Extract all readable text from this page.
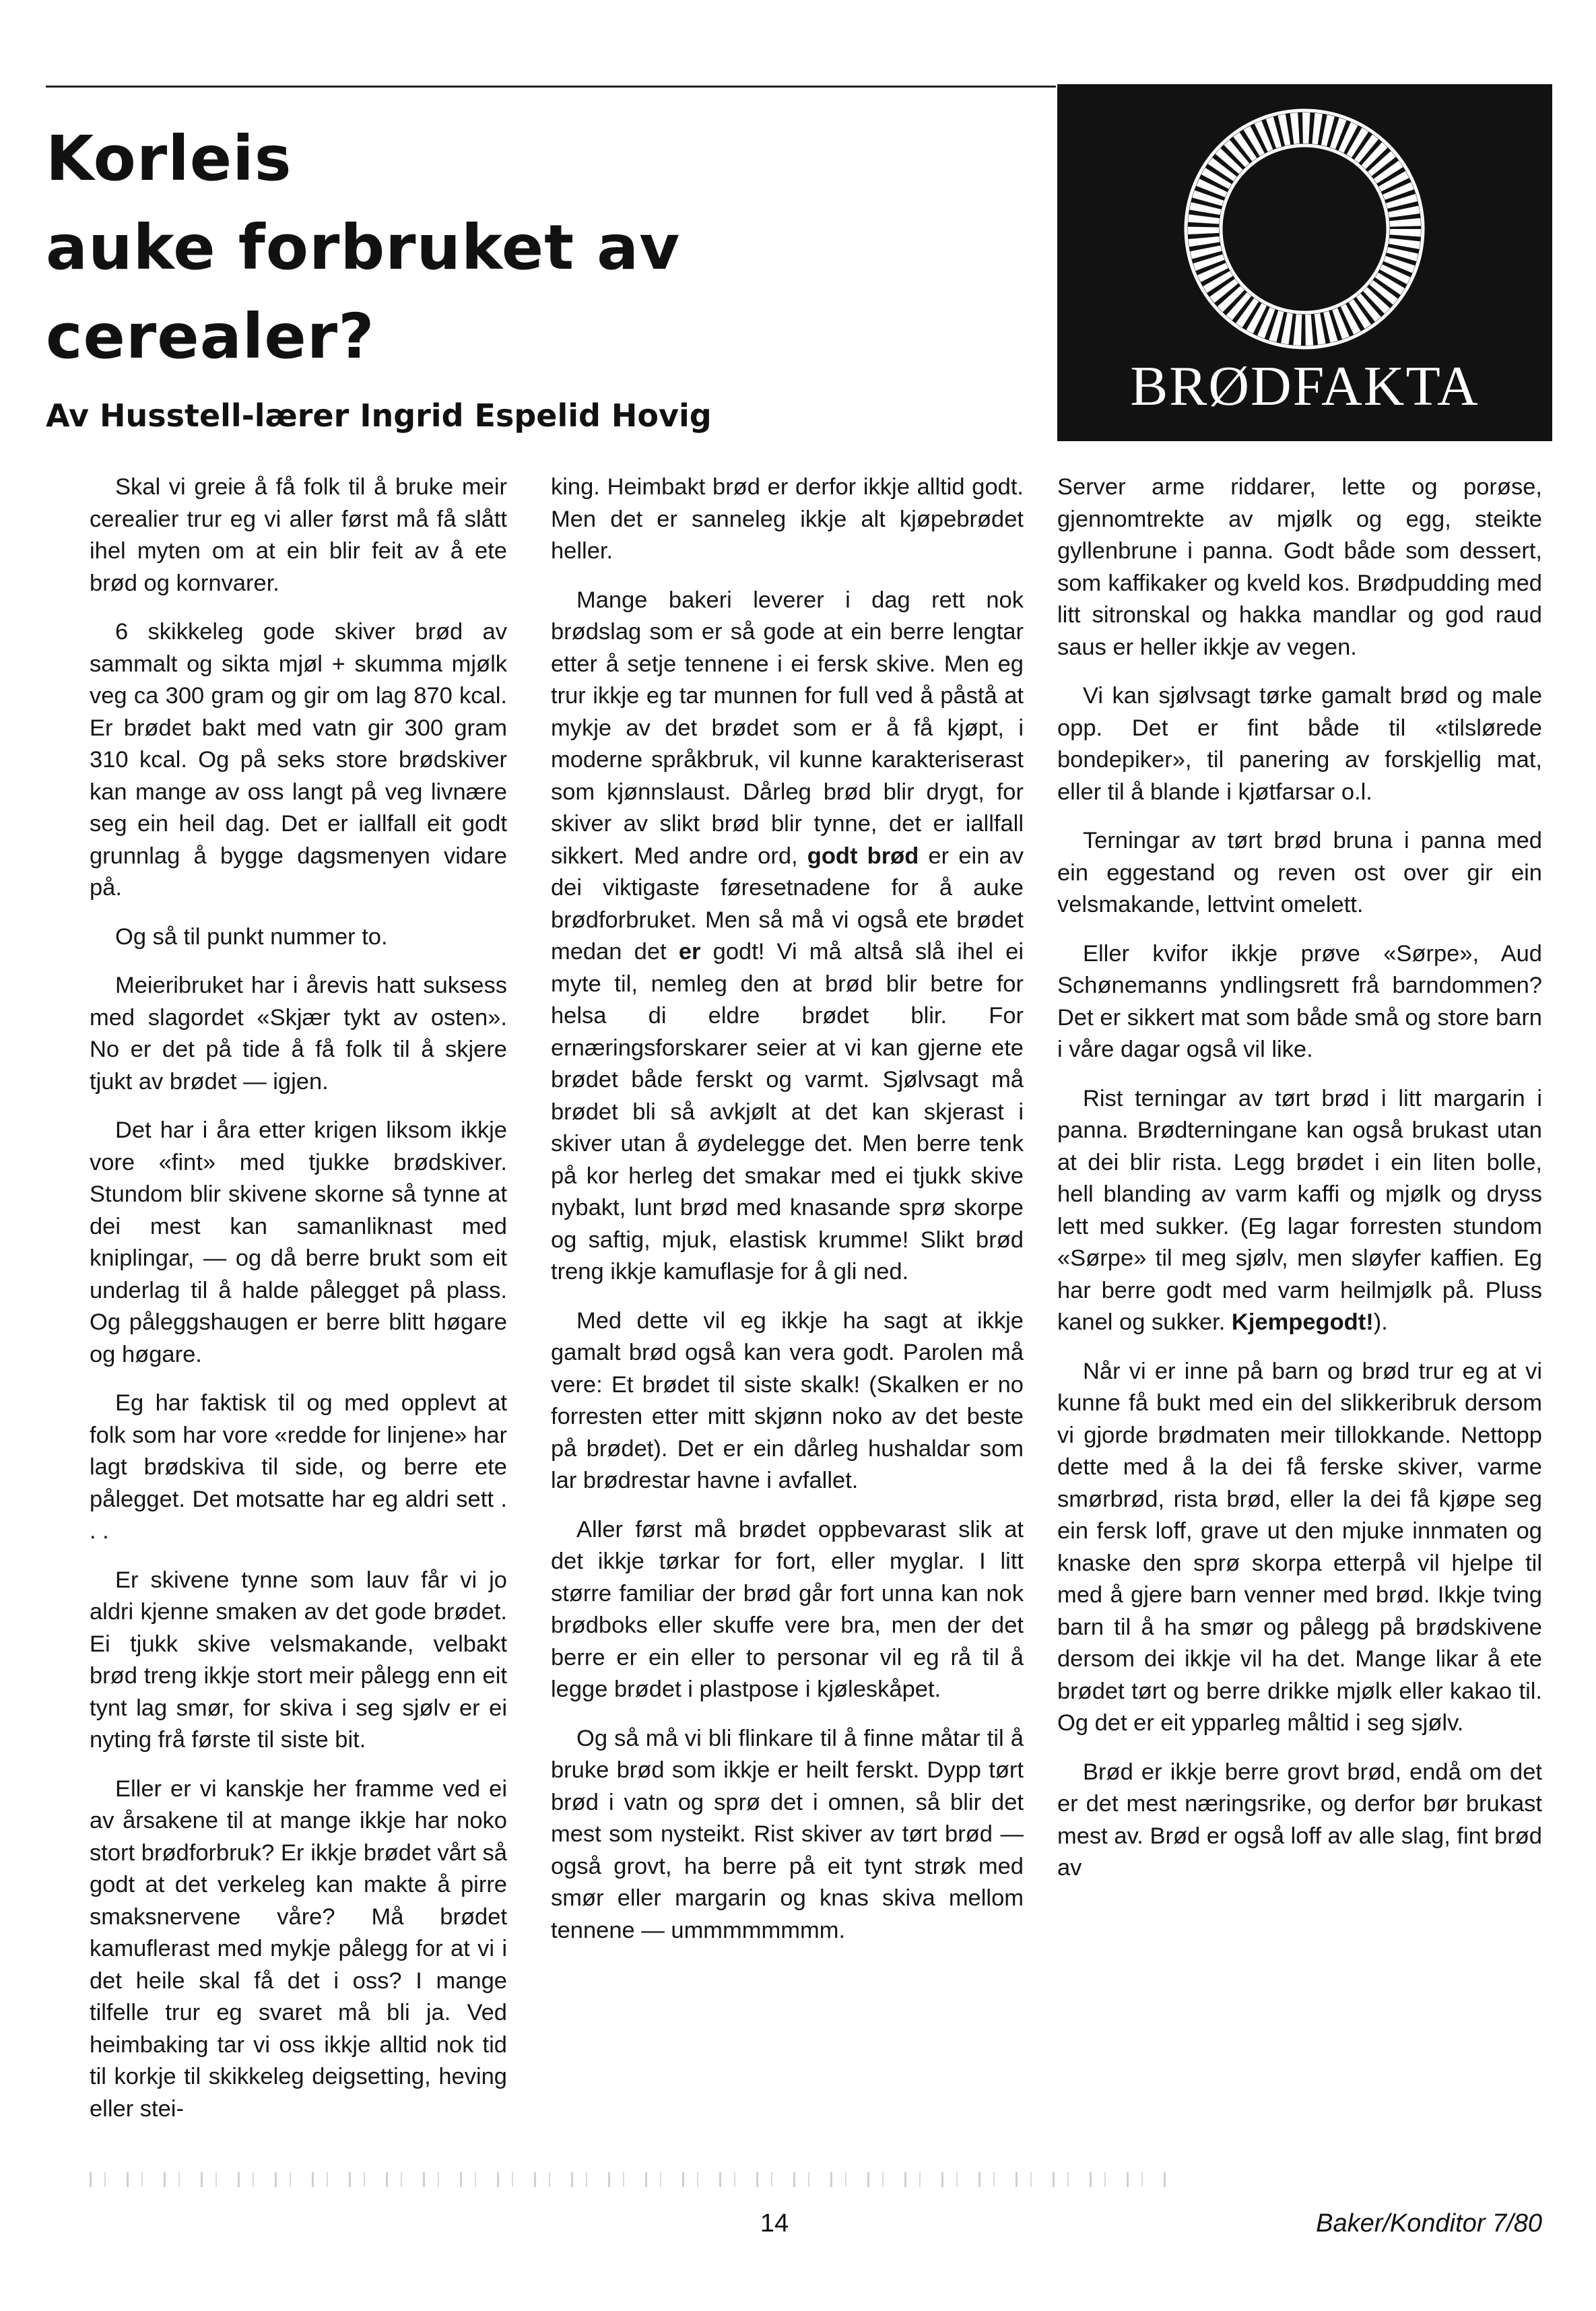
Korleis
auke forbruket av cerealer?
Av Husstell-lærer Ingrid Espelid Hovig	BRØDFAKTA

Skal vi greie å få folk til å bruke meir cerealier trur eg vi aller først må få slått ihel myten om at ein blir feit av å ete brød og kornvarer.

6 skikkeleg gode skiver brød av sammalt og sikta mjøl + skumma mjølk veg ca 300 gram og gir om lag 870 kcal. Er brødet bakt med vatn gir 300 gram 310 kcal. Og på seks store brødskiver kan mange av oss langt på veg livnære seg ein heil dag. Det er iallfall eit godt grunnlag å bygge dagsmenyen vidare på.

Og så til punkt nummer to.

Meieribruket har i årevis hatt suksess med slagordet «Skjær tykt av osten». No er det på tide å få folk til å skjere tjukt av brødet — igjen.

Det har i åra etter krigen liksom ikkje vore «fint» med tjukke brødskiver. Stundom blir skivene skorne så tynne at dei mest kan samanliknast med kniplingar, — og då berre brukt som eit underlag til å halde pålegget på plass. Og påleggshaugen er berre blitt høgare og høgare.

Eg har faktisk til og med opplevt at folk som har vore «redde for linjene» har lagt brødskiva til side, og berre ete pålegget. Det motsatte har eg aldri sett . . .

Er skivene tynne som lauv får vi jo aldri kjenne smaken av det gode brødet. Ei tjukk skive velsmakande, velbakt brød treng ikkje stort meir pålegg enn eit tynt lag smør, for skiva i seg sjølv er ei nyting frå første til siste bit.

Eller er vi kanskje her framme ved ei av årsakene til at mange ikkje har noko stort brødforbruk? Er ikkje brødet vårt så godt at det verkeleg kan makte å pirre smaksnervene våre? Må brødet kamuflerast med mykje pålegg for at vi i det heile skal få det i oss? I mange tilfelle trur eg svaret må bli ja. Ved heimbaking tar vi oss ikkje alltid nok tid til korkje til skikkeleg deigsetting, heving eller stei-

king. Heimbakt brød er derfor ikkje alltid godt. Men det er sanneleg ikkje alt kjøpebrødet heller.

Mange bakeri leverer i dag rett nok brødslag som er så gode at ein berre lengtar etter å setje tennene i ei fersk skive. Men eg trur ikkje eg tar munnen for full ved å påstå at mykje av det brødet som er å få kjøpt, i moderne språkbruk, vil kunne karakteriserast som kjønnslaust. Dårleg brød blir drygt, for skiver av slikt brød blir tynne, det er iallfall sikkert. Med andre ord, godt brød er ein av dei viktigaste føresetnadene for å auke brødforbruket. Men så må vi også ete brødet medan det er godt! Vi må altså slå ihel ei myte til, nemleg den at brød blir betre for helsa di eldre brødet blir. For ernæringsforskarer seier at vi kan gjerne ete brødet både ferskt og varmt. Sjølvsagt må brødet bli så avkjølt at det kan skjerast i skiver utan å øydelegge det. Men berre tenk på kor herleg det smakar med ei tjukk skive nybakt, lunt brød med knasande sprø skorpe og saftig, mjuk, elastisk krumme! Slikt brød treng ikkje kamuflasje for å gli ned.

Med dette vil eg ikkje ha sagt at ikkje gamalt brød også kan vera godt. Parolen må vere: Et brødet til siste skalk! (Skalken er no forresten etter mitt skjønn noko av det beste på brødet). Det er ein dårleg hushaldar som lar brødrestar havne i avfallet.

Aller først må brødet oppbevarast slik at det ikkje tørkar for fort, eller myglar. I litt større familiar der brød går fort unna kan nok brødboks eller skuffe vere bra, men der det berre er ein eller to personar vil eg rå til å legge brødet i plastpose i kjøleskåpet.

Og så må vi bli flinkare til å finne måtar til å bruke brød som ikkje er heilt ferskt. Dypp tørt brød i vatn og sprø det i omnen, så blir det mest som nysteikt. Rist skiver av tørt brød — også grovt, ha berre på eit tynt strøk med smør eller margarin og knas skiva mellom tennene — ummmmmmmm.

Server arme riddarer, lette og porøse, gjennomtrekte av mjølk og egg, steikte gyllenbrune i panna. Godt både som dessert, som kaffikaker og kveld kos. Brødpudding med litt sitronskal og hakka mandlar og god raud saus er heller ikkje av vegen.

Vi kan sjølvsagt tørke gamalt brød og male opp. Det er fint både til «tilslørede bondepiker», til panering av forskjellig mat, eller til å blande i kjøtfarsar o.l.

Terningar av tørt brød bruna i panna med ein eggestand og reven ost over gir ein velsmakande, lettvint omelett.

Eller kvifor ikkje prøve «Sørpe», Aud Schønemanns yndlingsrett frå barndommen? Det er sikkert mat som både små og store barn i våre dagar også vil like.

Rist terningar av tørt brød i litt margarin i panna. Brødterningane kan også brukast utan at dei blir rista. Legg brødet i ein liten bolle, hell blanding av varm kaffi og mjølk og dryss lett med sukker. (Eg lagar forresten stundom «Sørpe» til meg sjølv, men sløyfer kaffien. Eg har berre godt med varm heilmjølk på. Pluss kanel og sukker. Kjempegodt!).

Når vi er inne på barn og brød trur eg at vi kunne få bukt med ein del slikkeribruk dersom vi gjorde brødmaten meir tillokkande. Nettopp dette med å la dei få ferske skiver, varme smørbrød, rista brød, eller la dei få kjøpe seg ein fersk loff, grave ut den mjuke innmaten og knaske den sprø skorpa etterpå vil hjelpe til med å gjere barn venner med brød. Ikkje tving barn til å ha smør og pålegg på brødskivene dersom dei ikkje vil ha det. Mange likar å ete brødet tørt og berre drikke mjølk eller kakao til. Og det er eit ypparleg måltid i seg sjølv.

Brød er ikkje berre grovt brød, endå om det er det mest næringsrike, og derfor bør brukast mest av. Brød er også loff av alle slag, fint brød av

14	Baker/Konditor 7/80
